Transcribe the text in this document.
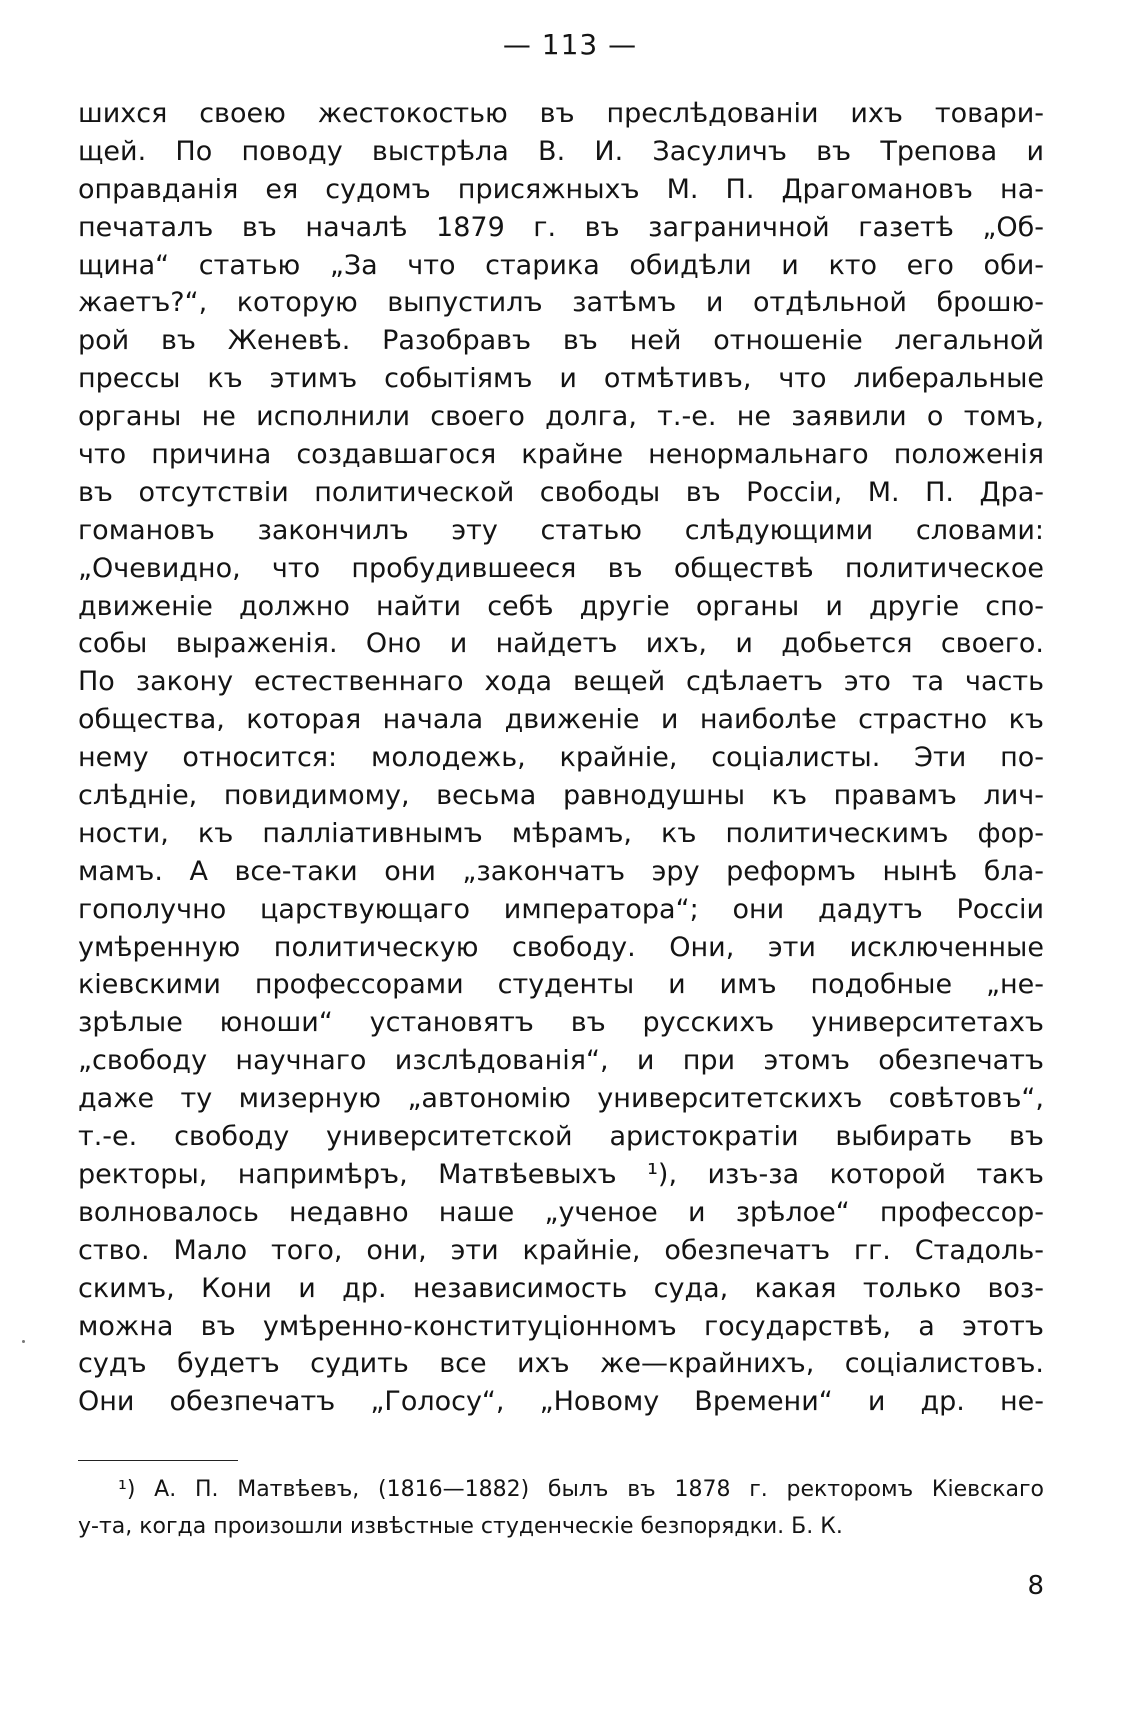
— 113 —
шихся своею жестокостью въ преслѣдованіи ихъ товари-
щей. По поводу выстрѣла В. И. Засуличъ въ Трепова и
оправданія ея судомъ присяжныхъ М. П. Драгомановъ на-
печаталъ въ началѣ 1879 г. въ заграничной газетѣ „Об-
щина“ статью „За что старика обидѣли и кто его оби-
жаетъ?“, которую выпустилъ затѣмъ и отдѣльной брошю-
рой въ Женевѣ. Разобравъ въ ней отношеніе легальной
прессы къ этимъ событіямъ и отмѣтивъ, что либеральные
органы не исполнили своего долга, т.-е. не заявили о томъ,
что причина создавшагося крайне ненормальнаго положенія
въ отсутствіи политической свободы въ Россіи, М. П. Дра-
гомановъ закончилъ эту статью слѣдующими словами:
„Очевидно, что пробудившееся въ обществѣ политическое
движеніе должно найти себѣ другіе органы и другіе спо-
собы выраженія. Оно и найдетъ ихъ, и добьется своего.
По закону естественнаго хода вещей сдѣлаетъ это та часть
общества, которая начала движеніе и наиболѣе страстно къ
нему относится: молодежь, крайніе, соціалисты. Эти по-
слѣдніе, повидимому, весьма равнодушны къ правамъ лич-
ности, къ палліативнымъ мѣрамъ, къ политическимъ фор-
мамъ. А все-таки они „закончатъ эру реформъ нынѣ бла-
гополучно царствующаго императора“; они дадутъ Россіи
умѣренную политическую свободу. Они, эти исключенные
кіевскими профессорами студенты и имъ подобные „не-
зрѣлые юноши“ установятъ въ русскихъ университетахъ
„свободу научнаго изслѣдованія“, и при этомъ обезпечатъ
даже ту мизерную „автономію университетскихъ совѣтовъ“,
т.-е. свободу университетской аристократіи выбирать въ
ректоры, напримѣръ, Матвѣевыхъ ¹), изъ-за которой такъ
волновалось недавно наше „ученое и зрѣлое“ профессор-
ство. Мало того, они, эти крайніе, обезпечатъ гг. Стадоль-
скимъ, Кони и др. независимость суда, какая только воз-
можна въ умѣренно-конституціонномъ государствѣ, а этотъ
судъ будетъ судить все ихъ же—крайнихъ, соціалистовъ.
Они обезпечатъ „Голосу“, „Новому Времени“ и др. не-
¹) А. П. Матвѣевъ, (1816—1882) былъ въ 1878 г. ректоромъ Кіевскаго
у-та, когда произошли извѣстные студенческіе безпорядки. Б. К.
8
